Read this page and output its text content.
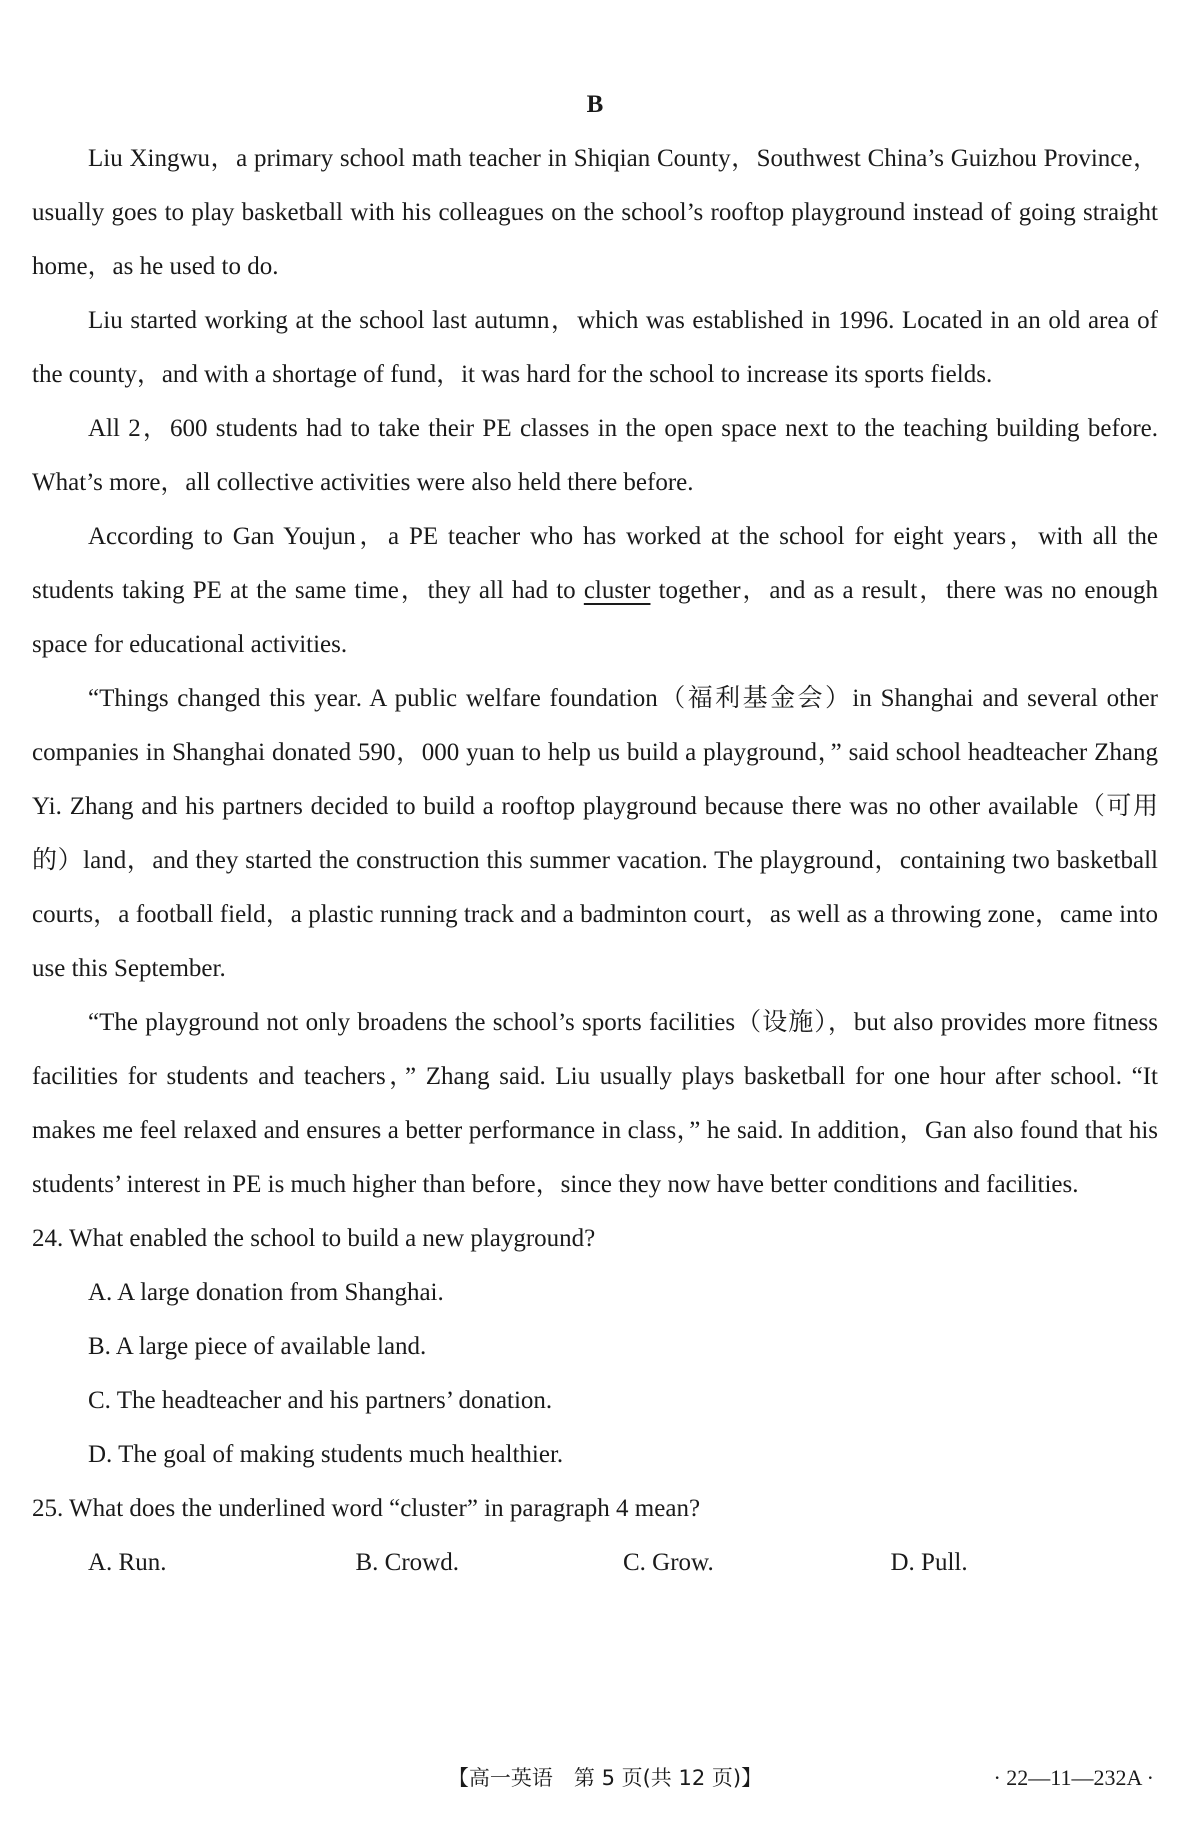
B

Liu Xingwu，a primary school math teacher in Shiqian County，Southwest China’s Guizhou Province，usually goes to play basketball with his colleagues on the school’s rooftop playground instead of going straight home，as he used to do.

Liu started working at the school last autumn，which was established in 1996. Located in an old area of the county，and with a shortage of fund，it was hard for the school to increase its sports fields.

All 2，600 students had to take their PE classes in the open space next to the teaching building before. What’s more，all collective activities were also held there before.

According to Gan Youjun，a PE teacher who has worked at the school for eight years，with all the students taking PE at the same time，they all had to cluster together，and as a result，there was no enough space for educational activities.

“Things changed this year. A public welfare foundation（福利基金会）in Shanghai and several other companies in Shanghai donated 590，000 yuan to help us build a playground，” said school headteacher Zhang Yi. Zhang and his partners decided to build a rooftop playground because there was no other available（可用的）land，and they started the construction this summer vacation. The playground，containing two basketball courts，a football field，a plastic running track and a badminton court，as well as a throwing zone，came into use this September.

“The playground not only broadens the school’s sports facilities（设施），but also provides more fitness facilities for students and teachers，” Zhang said. Liu usually plays basketball for one hour after school. “It makes me feel relaxed and ensures a better performance in class，” he said. In addition，Gan also found that his students’ interest in PE is much higher than before，since they now have better conditions and facilities.

24. What enabled the school to build a new playground?

A. A large donation from Shanghai.

B. A large piece of available land.

C. The headteacher and his partners’ donation.

D. The goal of making students much healthier.

25. What does the underlined word “cluster” in paragraph 4 mean?

A. Run.	B. Crowd.	C. Grow.	D. Pull.
【高一英语　第 5 页(共 12 页)】	· 22—11—232A ·
